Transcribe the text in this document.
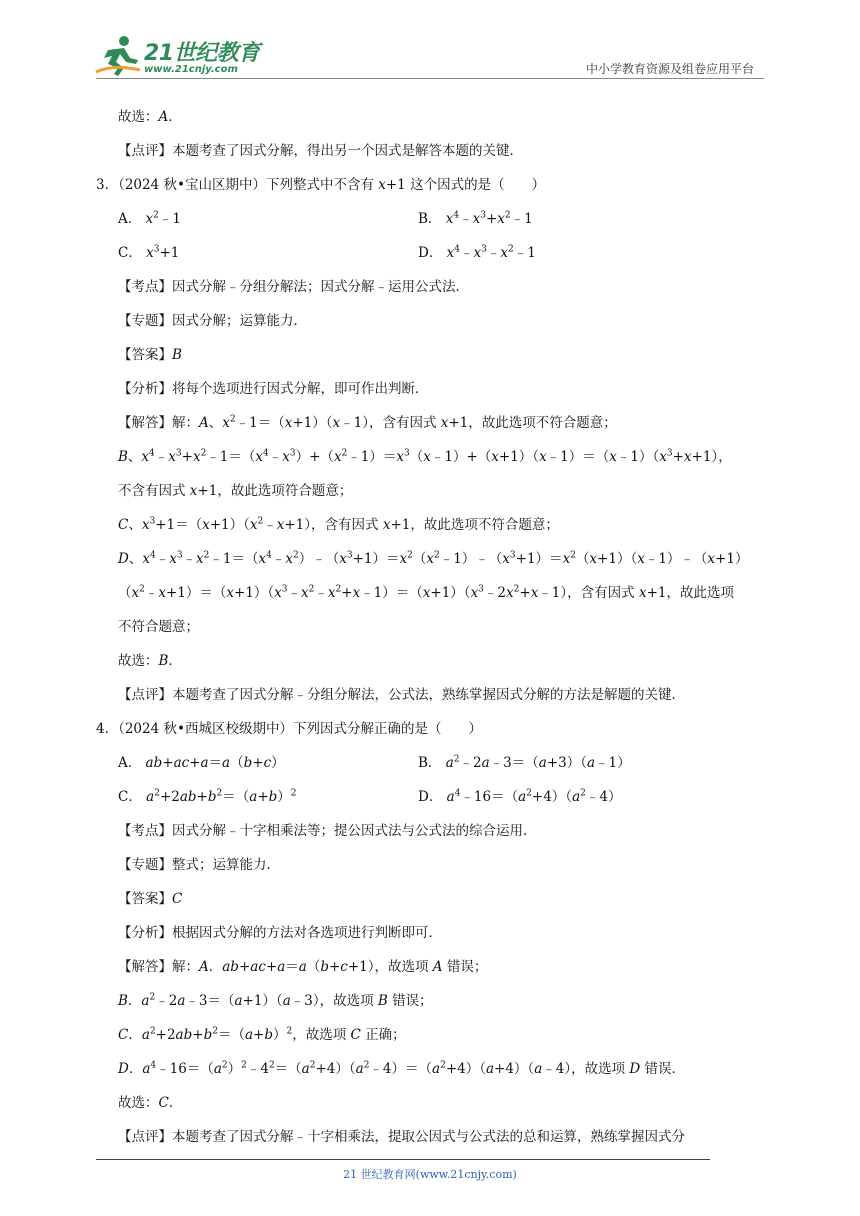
21世纪教育
www.21cnjy.com	中小学教育资源及组卷应用平台
故选：A．
【点评】本题考查了因式分解，得出另一个因式是解答本题的关键．
3．（2024 秋•宝山区期中）下列整式中不含有 x+1 这个因式的是（　　）
A． $x^2﹣1$	B． $x^4﹣x^3+x^2﹣1$
C． $x^3+1$	D． $x^4﹣x^3﹣x^2﹣1$
【考点】因式分解﹣分组分解法；因式分解﹣运用公式法．
【专题】因式分解；运算能力．
【答案】B
【分析】将每个选项进行因式分解，即可作出判断．
【解答】解：A、$x^2﹣1=(x+1)(x﹣1)$，含有因式 x+1，故此选项不符合题意；
B、$x^4﹣x^3+x^2﹣1=(x^4﹣x^3)+(x^2﹣1)=x^3(x﹣1)+(x+1)(x﹣1)=(x﹣1)(x^3+x+1)$，
不含有因式 x+1，故此选项符合题意；
C、$x^3+1=(x+1)(x^2﹣x+1)$，含有因式 x+1，故此选项不符合题意；
D、$x^4﹣x^3﹣x^2﹣1=(x^4﹣x^2)﹣(x^3+1)=x^2(x^2﹣1)﹣(x^3+1)=x^2(x+1)(x﹣1)﹣(x+1)$
$(x^2﹣x+1)=(x+1)(x^3﹣x^2﹣x^2+x﹣1)=(x+1)(x^3﹣2x^2+x﹣1)$，含有因式 x+1，故此选项
不符合题意；
故选：B．
【点评】本题考查了因式分解﹣分组分解法，公式法，熟练掌握因式分解的方法是解题的关键．
4．（2024 秋•西城区校级期中）下列因式分解正确的是（　　）
A． ab+ac+a＝a（b+c）	B． $a^2﹣2a﹣3=(a+3)(a﹣1)$
C． $a^2+2ab+b^2=(a+b)^2$	D． $a^4﹣16=(a^2+4)(a^2﹣4)$
【考点】因式分解﹣十字相乘法等；提公因式法与公式法的综合运用．
【专题】整式；运算能力．
【答案】C
【分析】根据因式分解的方法对各选项进行判断即可．
【解答】解：A．ab+ac+a＝a（b+c+1），故选项 A 错误；
B．$a^2﹣2a﹣3=(a+1)(a﹣3)$，故选项 B 错误；
C．$a^2+2ab+b^2=(a+b)^2$，故选项 C 正确；
D．$a^4﹣16=(a^2)^2﹣4^2=(a^2+4)(a^2﹣4)=(a^2+4)(a+4)(a﹣4)$，故选项 D 错误．
故选：C．
【点评】本题考查了因式分解﹣十字相乘法，提取公因式与公式法的总和运算，熟练掌握因式分
21 世纪教育网(www.21cnjy.com)
